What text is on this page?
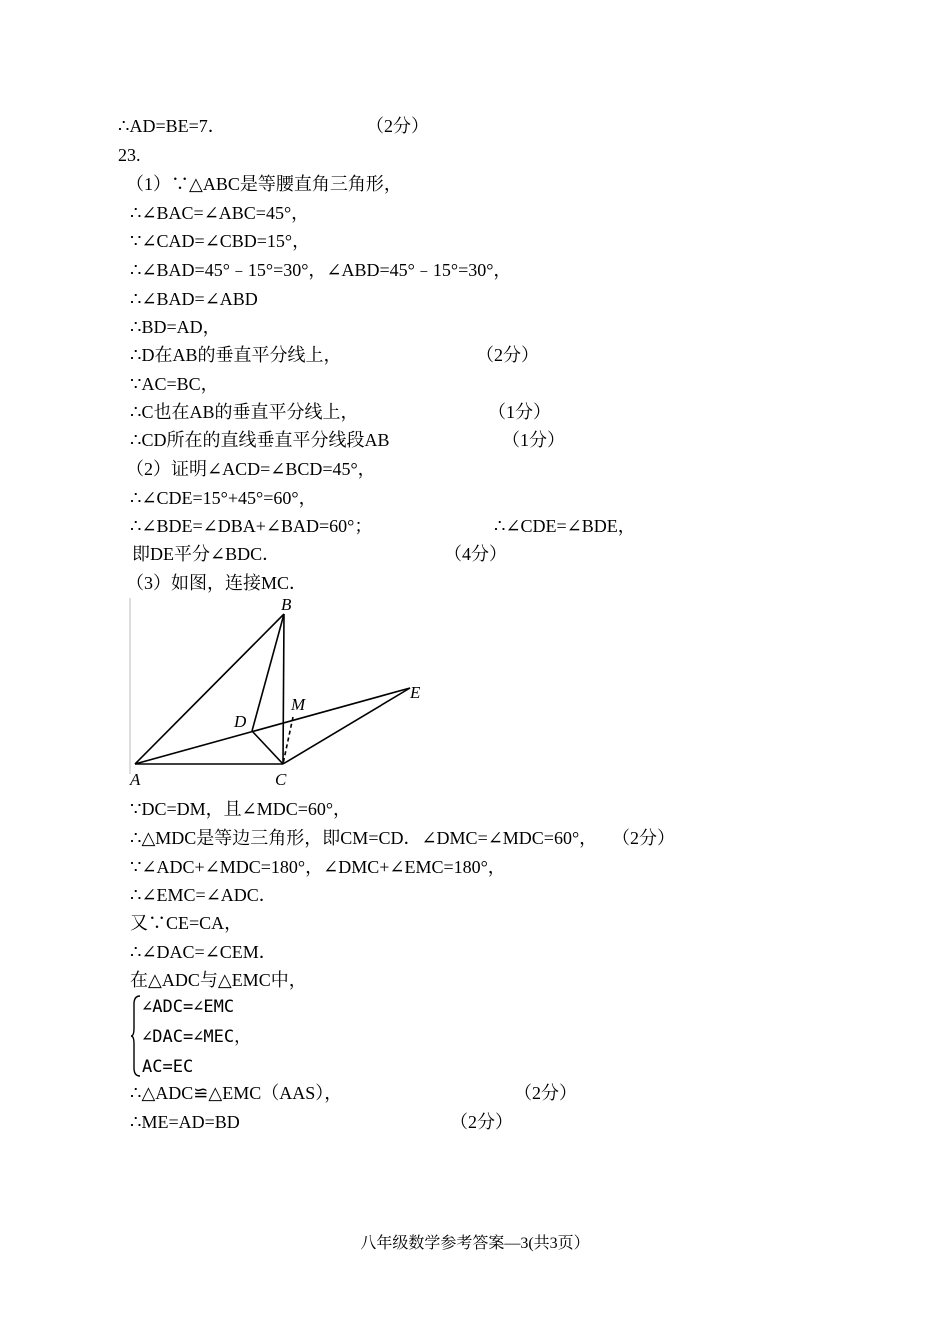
∴AD=BE=7．	（2分）
23.
（1）∵△ABC是等腰直角三角形，
∴∠BAC=∠ABC=45°，
∵∠CAD=∠CBD=15°，
∴∠BAD=45°﹣15°=30°，∠ABD=45°﹣15°=30°，
∴∠BAD=∠ABD
∴BD=AD，
∴D在AB的垂直平分线上，	（2分）
∵AC=BC，
∴C也在AB的垂直平分线上，	（1分）
∴CD所在的直线垂直平分线段AB	（1分）
（2）证明∠ACD=∠BCD=45°，
∴∠CDE=15°+45°=60°，
∴∠BDE=∠DBA+∠BAD=60°；	∴∠CDE=∠BDE，
即DE平分∠BDC．	（4分）
（3）如图，连接MC．
B
D
M
E
A	C
∵DC=DM，且∠MDC=60°，
∴△MDC是等边三角形，即CM=CD．∠DMC=∠MDC=60°， （2分）
∵∠ADC+∠MDC=180°，∠DMC+∠EMC=180°，
∴∠EMC=∠ADC．
又∵CE=CA，
∴∠DAC=∠CEM．
在△ADC与△EMC中，
∠ADC=∠EMC
∠DAC=∠MEC，
AC=EC
∴△ADC≌△EMC（AAS），	（2分）
∴ME=AD=BD	（2分）
八年级数学参考答案—3(共3页）
